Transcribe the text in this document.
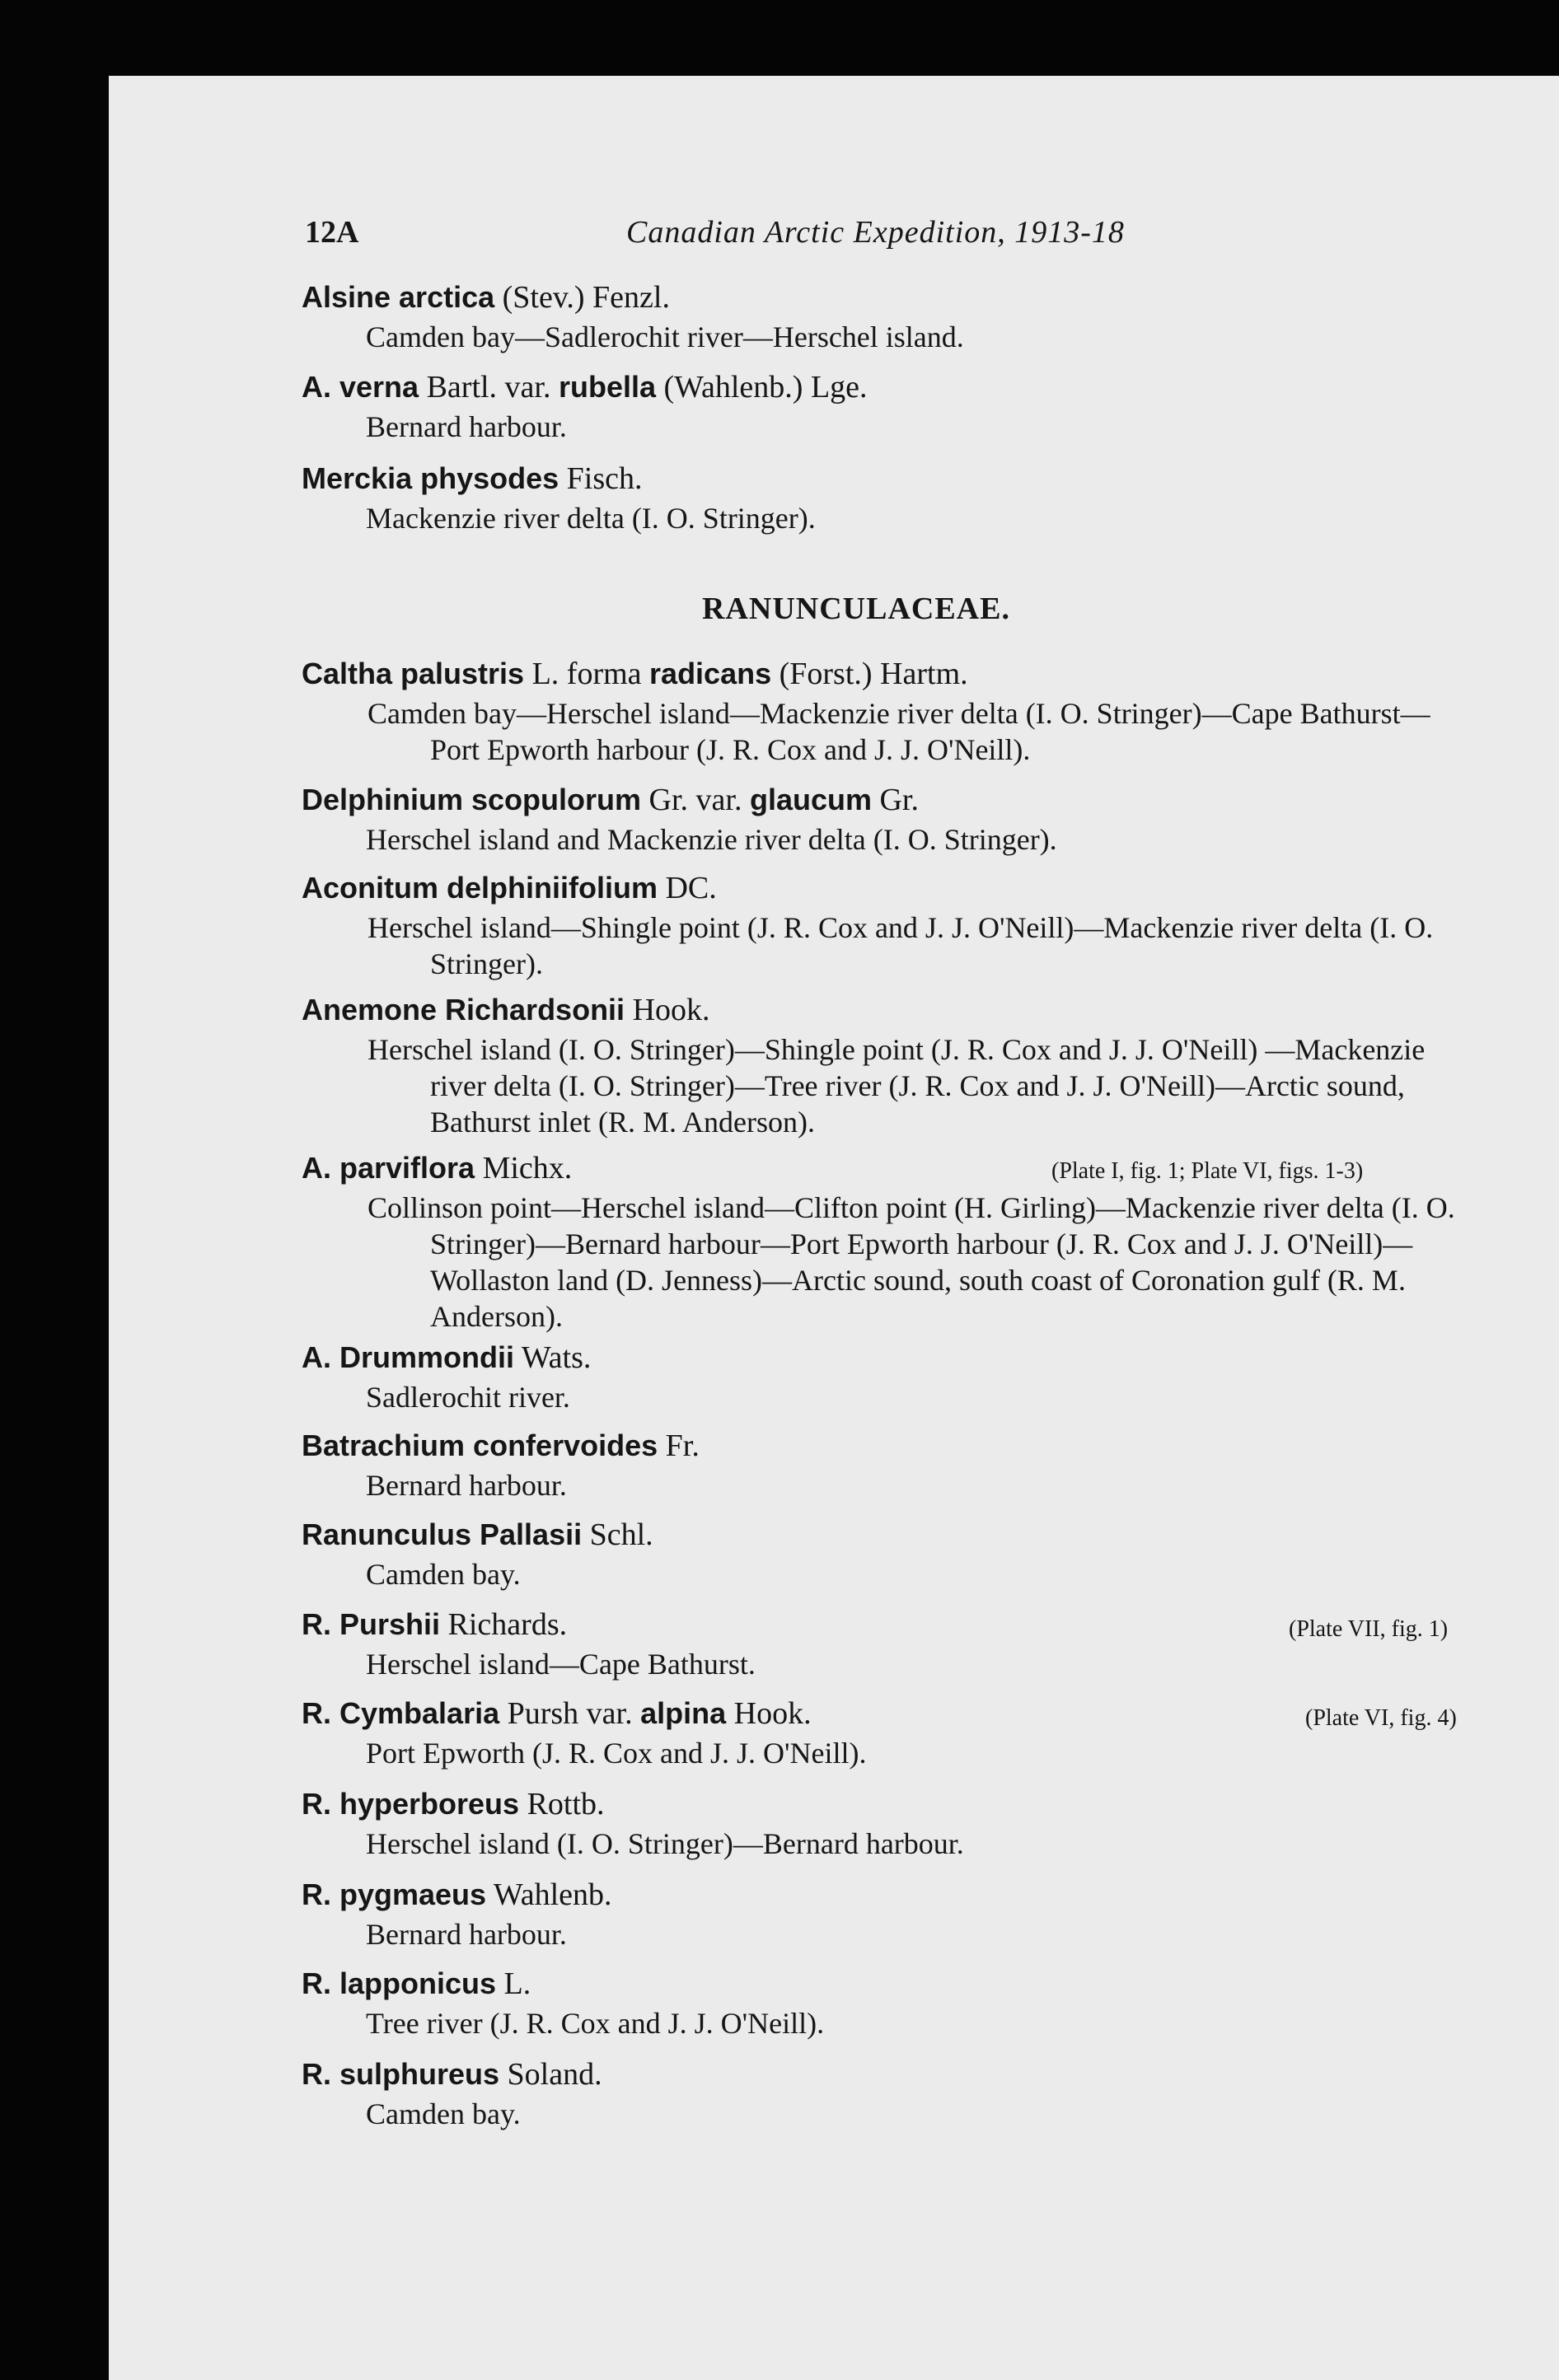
12A	Canadian Arctic Expedition, 1913-18
Alsine arctica (Stev.) Fenzl.
Camden bay—Sadlerochit river—Herschel island.
A. verna Bartl. var. rubella (Wahlenb.) Lge.
Bernard harbour.
Merckia physodes Fisch.
Mackenzie river delta (I. O. Stringer).
RANUNCULACEAE.
Caltha palustris L. forma radicans (Forst.) Hartm.
Camden bay—Herschel island—Mackenzie river delta (I. O. Stringer)—Cape Bathurst—Port Epworth harbour (J. R. Cox and J. J. O'Neill).
Delphinium scopulorum Gr. var. glaucum Gr.
Herschel island and Mackenzie river delta (I. O. Stringer).
Aconitum delphiniifolium DC.
Herschel island—Shingle point (J. R. Cox and J. J. O'Neill)—Mackenzie river delta (I. O. Stringer).
Anemone Richardsonii Hook.
Herschel island (I. O. Stringer)—Shingle point (J. R. Cox and J. J. O'Neill) —Mackenzie river delta (I. O. Stringer)—Tree river (J. R. Cox and J. J. O'Neill)—Arctic sound, Bathurst inlet (R. M. Anderson).
A. parviflora Michx.
Collinson point—Herschel island—Clifton point (H. Girling)—Mackenzie river delta (I. O. Stringer)—Bernard harbour—Port Epworth harbour (J. R. Cox and J. J. O'Neill)—Wollaston land (D. Jenness)—Arctic sound, south coast of Coronation gulf (R. M. Anderson).
(Plate I, fig. 1; Plate VI, figs. 1-3)
A. Drummondii Wats.
Sadlerochit river.
Batrachium confervoides Fr.
Bernard harbour.
Ranunculus Pallasii Schl.
Camden bay.
R. Purshii Richards.
Herschel island—Cape Bathurst.
(Plate VII, fig. 1)
R. Cymbalaria Pursh var. alpina Hook.
Port Epworth (J. R. Cox and J. J. O'Neill).
(Plate VI, fig. 4)
R. hyperboreus Rottb.
Herschel island (I. O. Stringer)—Bernard harbour.
R. pygmaeus Wahlenb.
Bernard harbour.
R. lapponicus L.
Tree river (J. R. Cox and J. J. O'Neill).
R. sulphureus Soland.
Camden bay.
